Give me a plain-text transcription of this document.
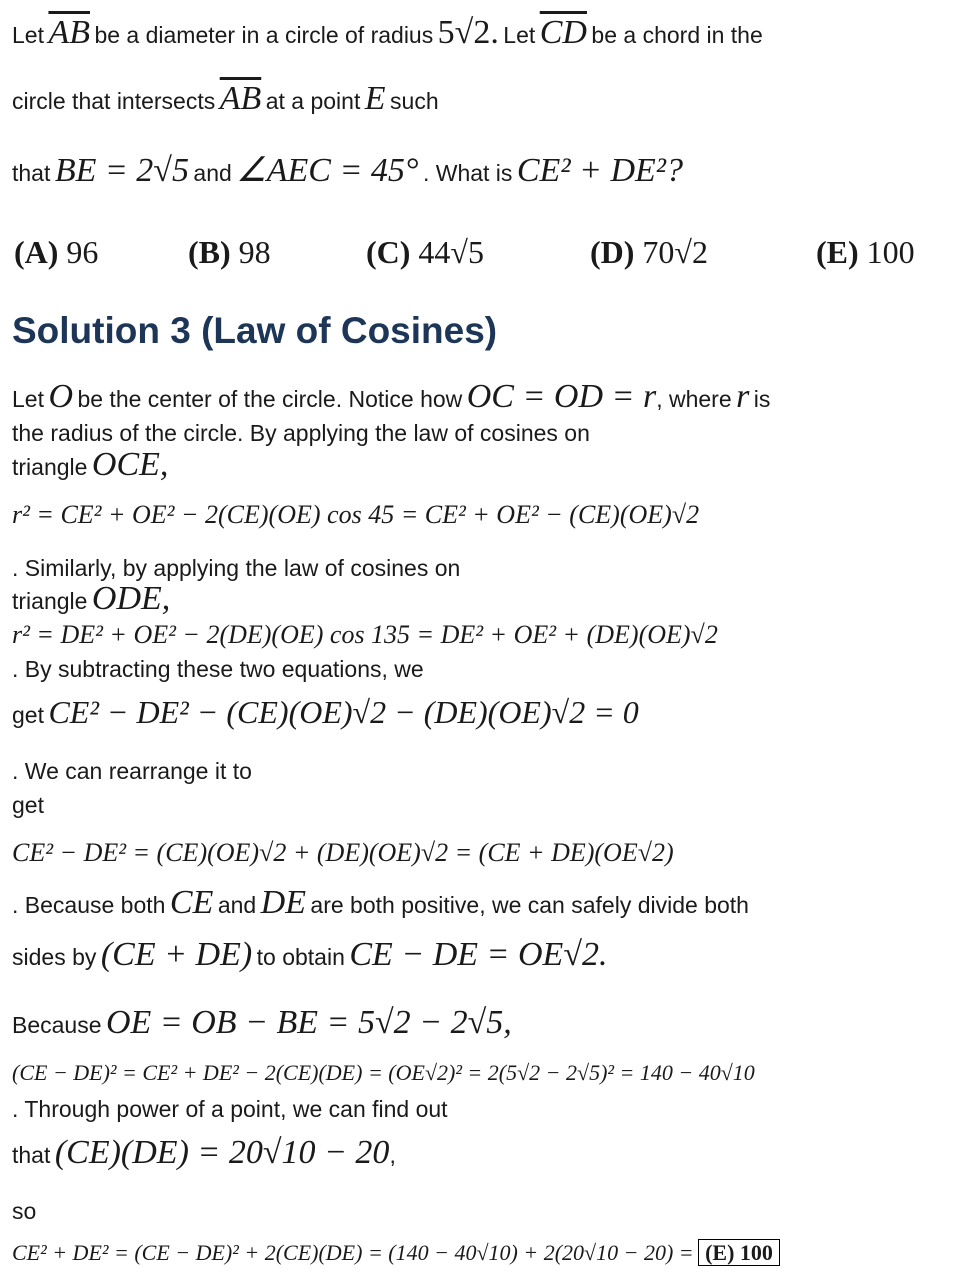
Let $\overline{AB}$ be a diameter in a circle of radius 5√2. Let $\overline{CD}$ be a chord in the
circle that intersects $\overline{AB}$ at a point E such
that BE = 2√5 and ∠AEC = 45° . What is CE² + DE²?
(A) 96	(B) 98	(C) 44√5	(D) 70√2	(E) 100
Solution 3 (Law of Cosines)
Let O be the center of the circle. Notice how OC = OD = r, where r is
the radius of the circle. By applying the law of cosines on
triangle OCE,
r² = CE² + OE² − 2(CE)(OE) cos 45 = CE² + OE² − (CE)(OE)√2
. Similarly, by applying the law of cosines on
triangle ODE,
r² = DE² + OE² − 2(DE)(OE) cos 135 = DE² + OE² + (DE)(OE)√2
. By subtracting these two equations, we
get CE² − DE² − (CE)(OE)√2 − (DE)(OE)√2 = 0
. We can rearrange it to
get
CE² − DE² = (CE)(OE)√2 + (DE)(OE)√2 = (CE + DE)(OE√2)
. Because both CE and DE are both positive, we can safely divide both
sides by (CE + DE) to obtain CE − DE = OE√2.
Because OE = OB − BE = 5√2 − 2√5,
(CE − DE)² = CE² + DE² − 2(CE)(DE) = (OE√2)² = 2(5√2 − 2√5)² = 140 − 40√10
. Through power of a point, we can find out
that (CE)(DE) = 20√10 − 20,
so
CE² + DE² = (CE − DE)² + 2(CE)(DE) = (140 − 40√10) + 2(20√10 − 20) = (E) 100
